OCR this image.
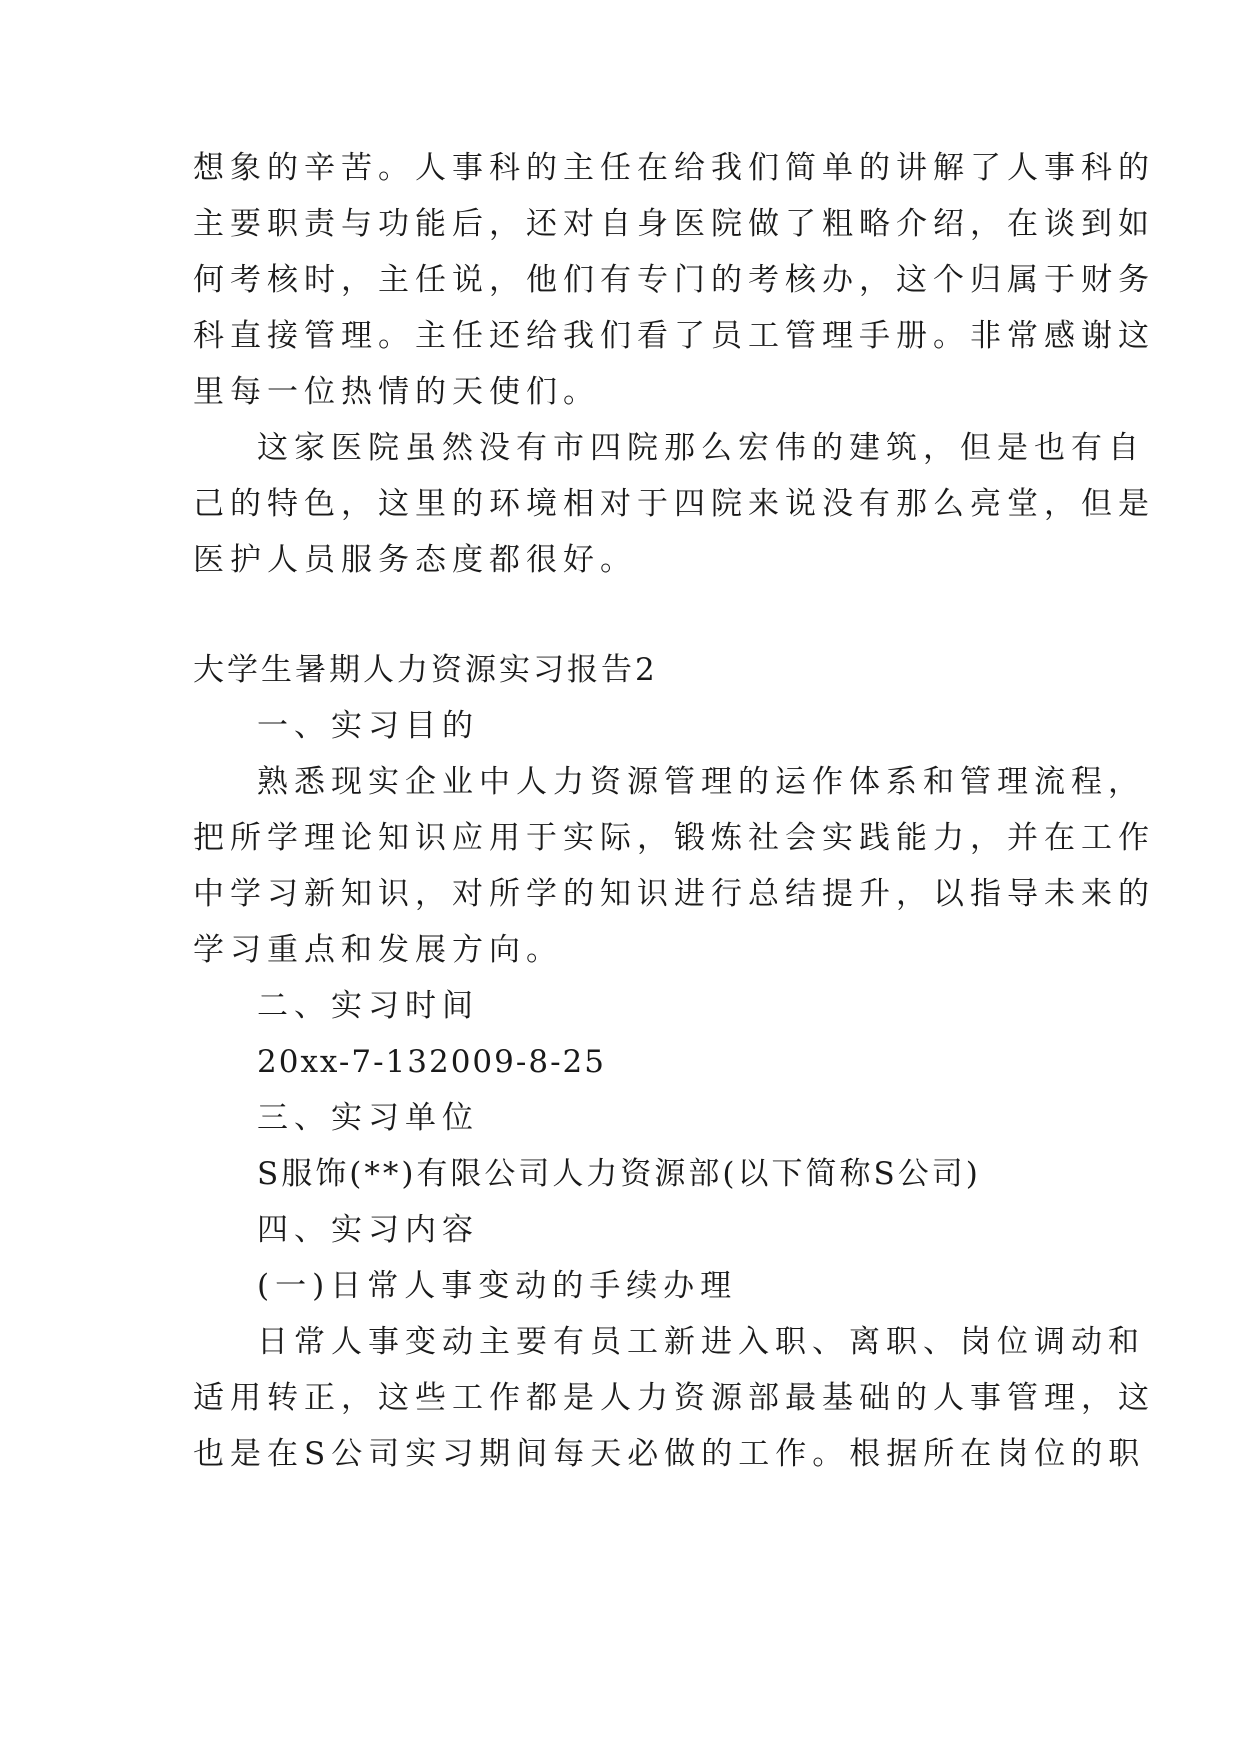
想象的辛苦。人事科的主任在给我们简单的讲解了人事科的
主要职责与功能后，还对自身医院做了粗略介绍，在谈到如
何考核时，主任说，他们有专门的考核办，这个归属于财务
科直接管理。主任还给我们看了员工管理手册。非常感谢这
里每一位热情的天使们。
这家医院虽然没有市四院那么宏伟的建筑，但是也有自
己的特色，这里的环境相对于四院来说没有那么亮堂，但是
医护人员服务态度都很好。
大学生暑期人力资源实习报告2
一、实习目的
熟悉现实企业中人力资源管理的运作体系和管理流程，
把所学理论知识应用于实际，锻炼社会实践能力，并在工作
中学习新知识，对所学的知识进行总结提升，以指导未来的
学习重点和发展方向。
二、实习时间
20xx-7-132009-8-25
三、实习单位
S服饰(**)有限公司人力资源部(以下简称S公司)
四、实习内容
(一)日常人事变动的手续办理
日常人事变动主要有员工新进入职、离职、岗位调动和
适用转正，这些工作都是人力资源部最基础的人事管理，这
也是在S公司实习期间每天必做的工作。根据所在岗位的职
